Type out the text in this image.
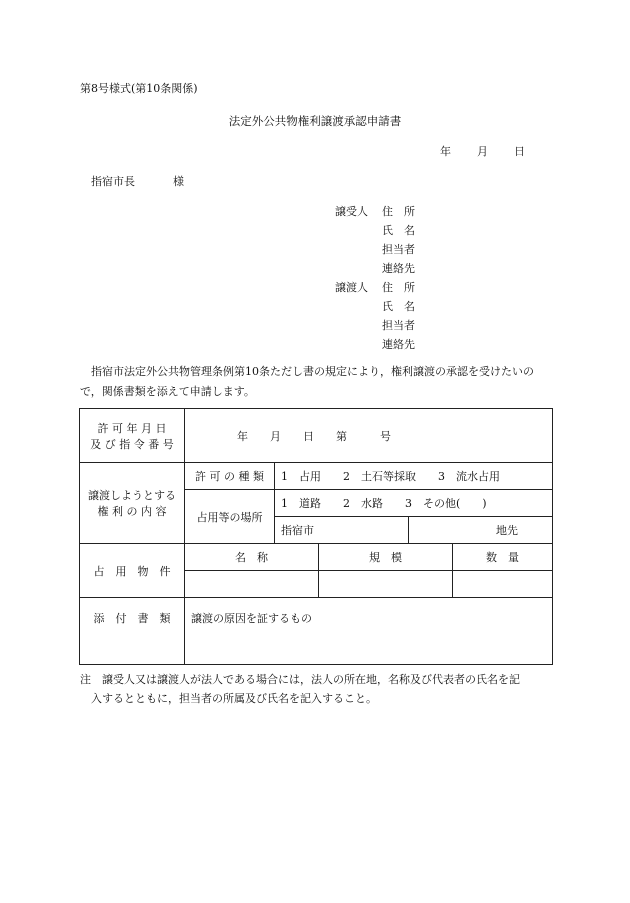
第8号様式(第10条関係)
法定外公共物権利譲渡承認申請書
年 月 日
指宿市長	様
譲受人 住　所
氏　名
担当者
連絡先
譲渡人 住　所
氏　名
担当者
連絡先
指宿市法定外公共物管理条例第10条ただし書の規定により，権利譲渡の承認を受けたいので，関係書類を添えて申請します。
許 可 年 月 日
及 び 指 令 番 号	年　　月　　日　　第　　　号				

譲渡しようとする
権 利 の 内 容	許 可 の 種 類	1　占用　　2　土石等採取　　3　流水占用			
	占用等の場所	1　道路　　2　水路　　3　その他(　　)			
		指宿市		地先	
占　用　物　件	名　称		規　模		数　量

添　付　書　類	譲渡の原因を証するもの				
注　譲受人又は譲渡人が法人である場合には，法人の所在地，名称及び代表者の氏名を記
入するとともに，担当者の所属及び氏名を記入すること。
